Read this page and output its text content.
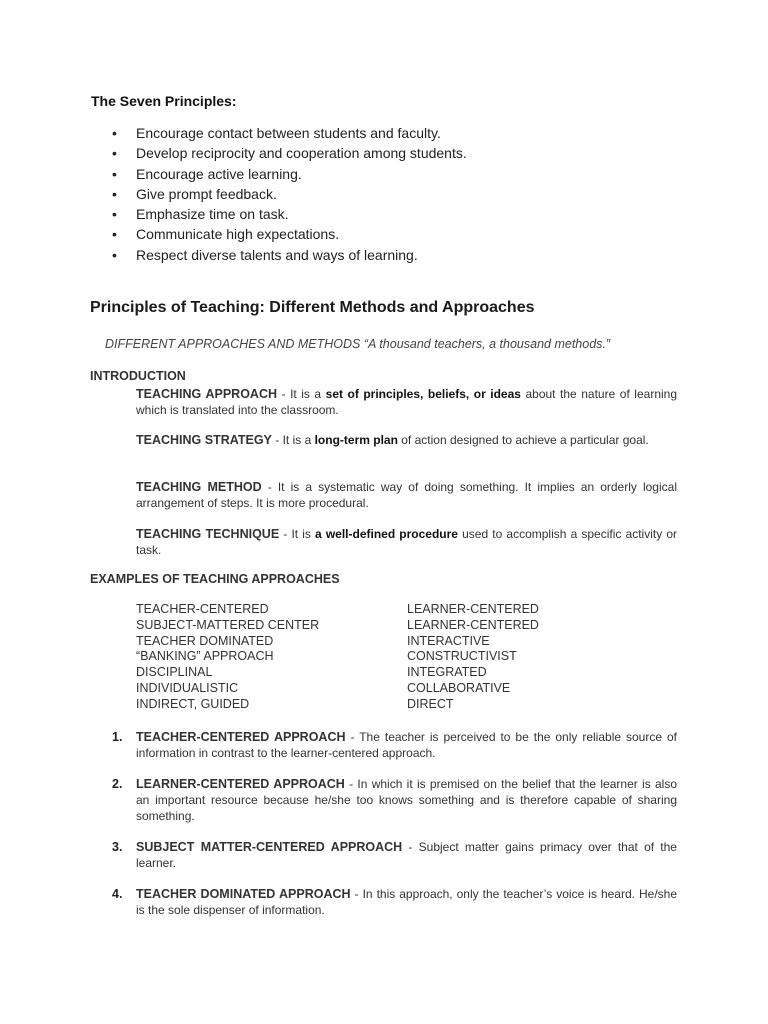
The Seven Principles:
• Encourage contact between students and faculty.
• Develop reciprocity and cooperation among students.
• Encourage active learning.
• Give prompt feedback.
• Emphasize time on task.
• Communicate high expectations.
• Respect diverse talents and ways of learning.
Principles of Teaching: Different Methods and Approaches

DIFFERENT APPROACHES AND METHODS “A thousand teachers, a thousand methods.”

INTRODUCTION

TEACHING APPROACH - It is a set of principles, beliefs, or ideas about the nature of learning which is translated into the classroom.

TEACHING STRATEGY - It is a long-term plan of action designed to achieve a particular goal.

TEACHING METHOD - It is a systematic way of doing something. It implies an orderly logical arrangement of steps. It is more procedural.

TEACHING TECHNIQUE - It is a well-defined procedure used to accomplish a specific activity or task.

EXAMPLES OF TEACHING APPROACHES

TEACHER-CENTERED	LEARNER-CENTERED
SUBJECT-MATTERED CENTER	LEARNER-CENTERED
TEACHER DOMINATED	INTERACTIVE
“BANKING” APPROACH	CONSTRUCTIVIST
DISCIPLINAL	INTEGRATED
INDIVIDUALISTIC	COLLABORATIVE
INDIRECT, GUIDED	DIRECT
1. TEACHER-CENTERED APPROACH - The teacher is perceived to be the only reliable source of information in contrast to the learner-centered approach.
2. LEARNER-CENTERED APPROACH - In which it is premised on the belief that the learner is also an important resource because he/she too knows something and is therefore capable of sharing something.
3. SUBJECT MATTER-CENTERED APPROACH - Subject matter gains primacy over that of the learner.
4. TEACHER DOMINATED APPROACH - In this approach, only the teacher’s voice is heard. He/she is the sole dispenser of information.
